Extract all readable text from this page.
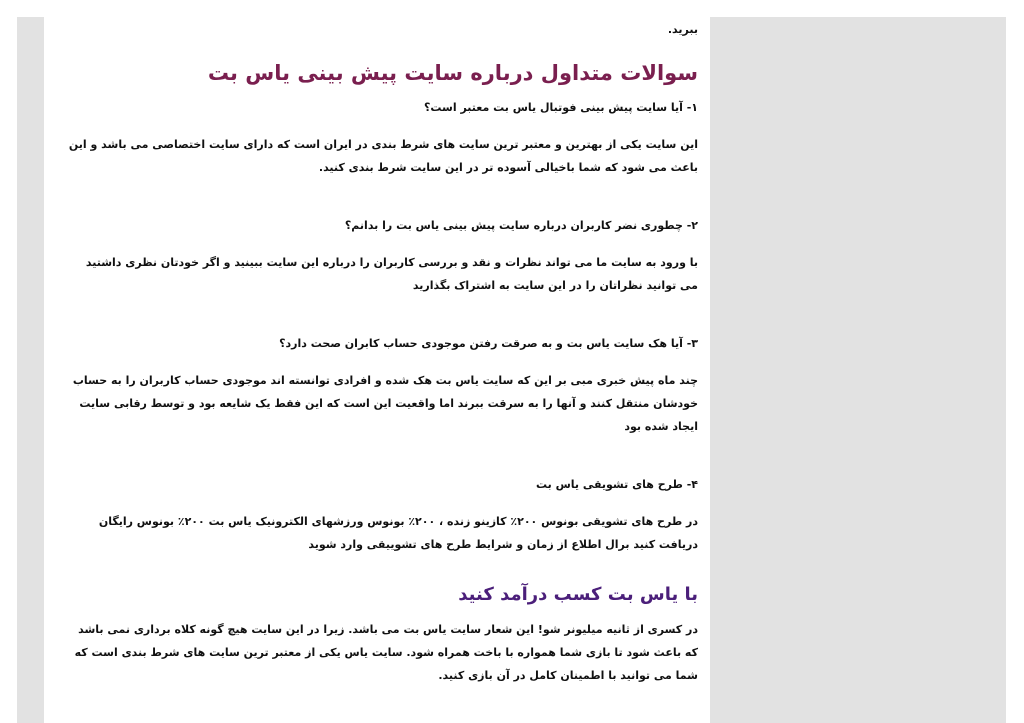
ببرید.

سوالات متداول درباره سایت پیش بینی یاس بت

۱- آیا سایت پیش بینی فوتبال یاس بت معتبر است؟

این سایت یکی از بهترین و معتبر ترین سایت های شرط بندی در ایران است که دارای سایت اختصاصی می باشد و این باعث می شود که شما باخیالی آسوده تر در این سایت شرط بندی کنید.

۲- چطوری نضر کاربران درباره سایت پیش بینی یاس بت را بدانم؟

با ورود به سایت ما می تواند نظرات و نقد و بررسی کاربران را درباره این سایت ببینید و اگر خودتان نظری داشتید می توانید نظراتان را در این سایت به اشتراک بگذارید

۳- آیا هک سایت یاس بت و به صرقت رفتن موجودی حساب کابران صحت دارد؟

چند ماه پیش خبری مبی بر این که سایت یاس بت هک شده و افرادی توانسته اند موجودی حساب کاربران را به حساب خودشان منتقل کنند و آنها را به سرقت ببرند اما واقعیت این است که این فقط یک شایعه بود و توسط رقابی سایت ایجاد شده بود

۴- طرح های تشویقی یاس بت

در طرح های تشویقی بونوس ۲۰۰٪ کازینو زنده ، ۲۰۰٪ بونوس ورزشهای الکترونیک یاس بت ۲۰۰٪ بونوس رایگان دریافت کنید برال اطلاع از زمان و شرایط طرح های تشوییقی وارد شوید

با یاس بت کسب درآمد کنید

در کسری از ثانیه میلیونر شو! این شعار سایت یاس بت می باشد. زیرا در این سایت هیچ گونه کلاه برداری نمی باشد که باعث شود تا بازی شما همواره با باخت همراه شود. سایت یاس یکی از معتبر ترین سایت های شرط بندی است که شما می توانید با اطمینان کامل در آن بازی کنید.
